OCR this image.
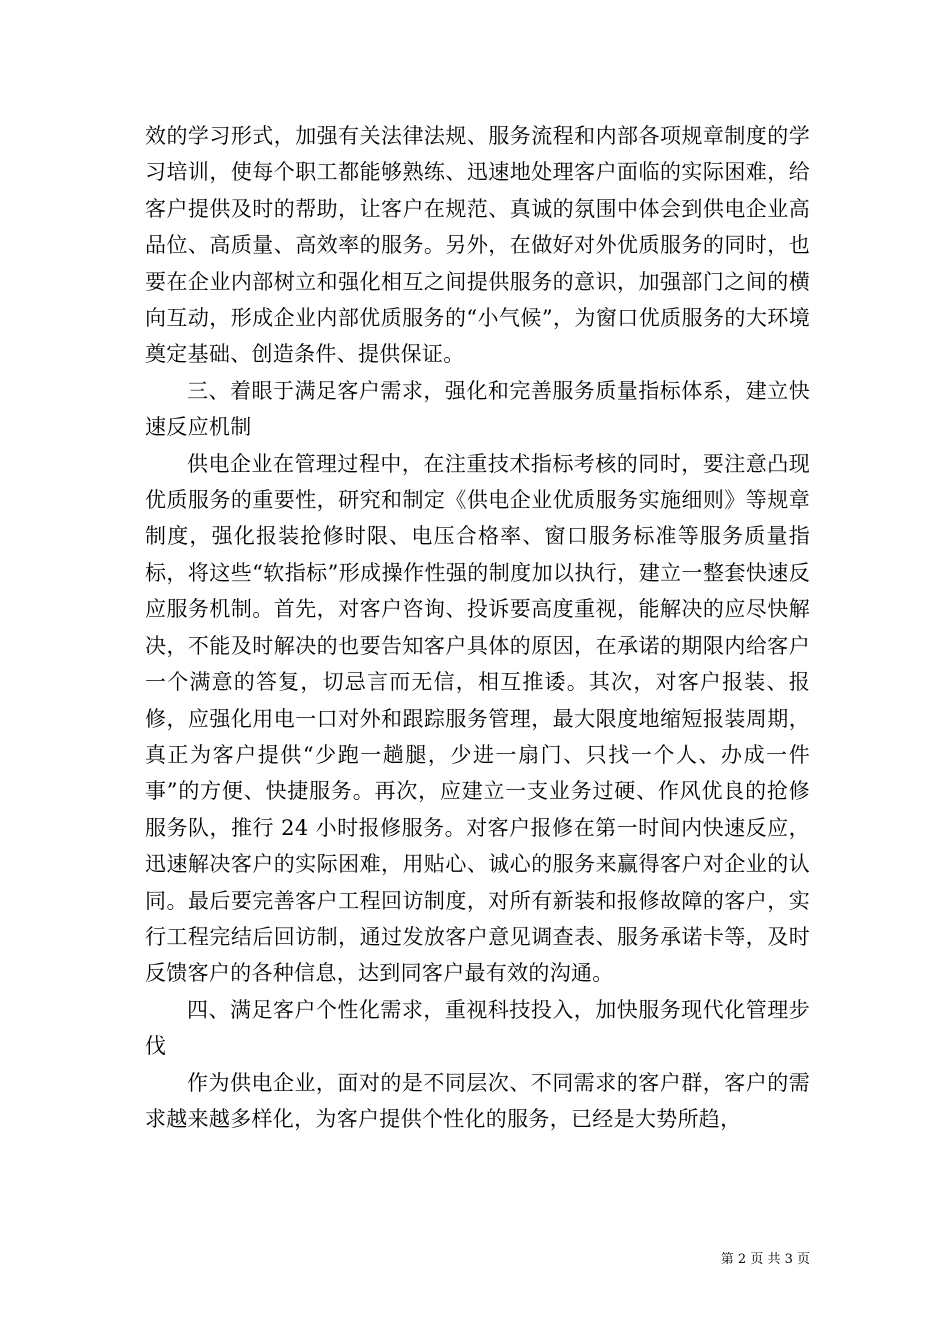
效的学习形式，加强有关法律法规、服务流程和内部各项规章制度的学习培训，使每个职工都能够熟练、迅速地处理客户面临的实际困难，给客户提供及时的帮助，让客户在规范、真诚的氛围中体会到供电企业高品位、高质量、高效率的服务。另外，在做好对外优质服务的同时，也要在企业内部树立和强化相互之间提供服务的意识，加强部门之间的横向互动，形成企业内部优质服务的“小气候”，为窗口优质服务的大环境奠定基础、创造条件、提供保证。

三、着眼于满足客户需求，强化和完善服务质量指标体系，建立快速反应机制

供电企业在管理过程中，在注重技术指标考核的同时，要注意凸现优质服务的重要性，研究和制定《供电企业优质服务实施细则》等规章制度，强化报装抢修时限、电压合格率、窗口服务标准等服务质量指标，将这些“软指标”形成操作性强的制度加以执行，建立一整套快速反应服务机制。首先，对客户咨询、投诉要高度重视，能解决的应尽快解决，不能及时解决的也要告知客户具体的原因，在承诺的期限内给客户一个满意的答复，切忌言而无信，相互推诿。其次，对客户报装、报修，应强化用电一口对外和跟踪服务管理，最大限度地缩短报装周期，真正为客户提供“少跑一趟腿，少进一扇门、只找一个人、办成一件事”的方便、快捷服务。再次，应建立一支业务过硬、作风优良的抢修服务队，推行 24 小时报修服务。对客户报修在第一时间内快速反应，迅速解决客户的实际困难，用贴心、诚心的服务来赢得客户对企业的认同。最后要完善客户工程回访制度，对所有新装和报修故障的客户，实行工程完结后回访制，通过发放客户意见调查表、服务承诺卡等，及时反馈客户的各种信息，达到同客户最有效的沟通。

四、满足客户个性化需求，重视科技投入，加快服务现代化管理步伐

作为供电企业，面对的是不同层次、不同需求的客户群，客户的需求越来越多样化，为客户提供个性化的服务，已经是大势所趋，

第 2 页 共 3 页
